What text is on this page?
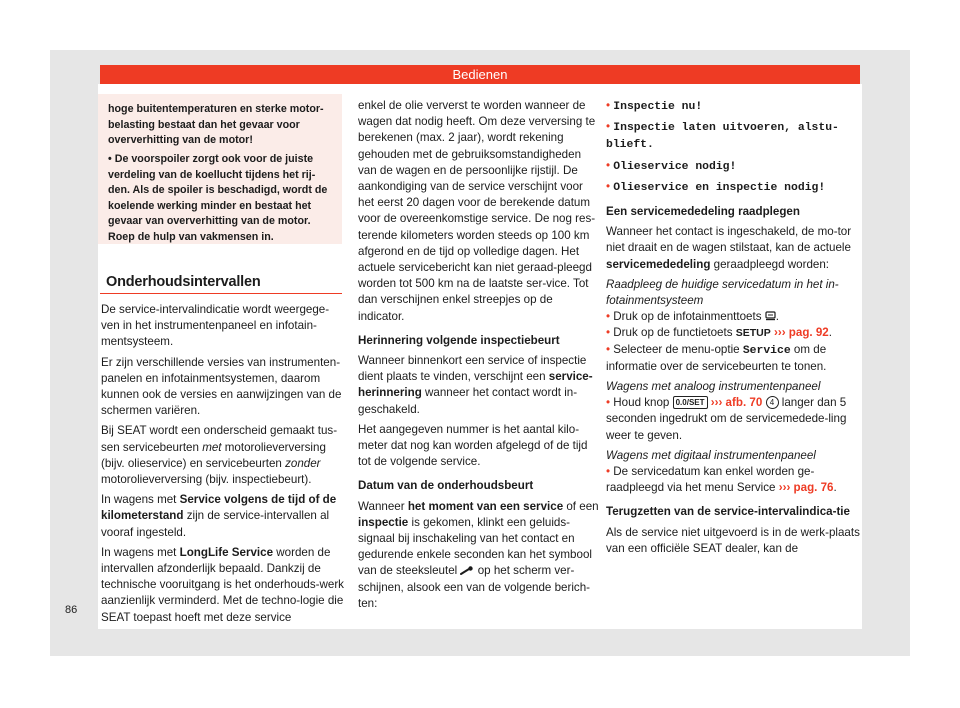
Bedienen

hoge buitentemperaturen en sterke motor-

belasting bestaat dan het gevaar voor

oververhitting van de motor!

• De voorspoiler zorgt ook voor de juiste

verdeling van de koellucht tijdens het rij-

den. Als de spoiler is beschadigd, wordt de

koelende werking minder en bestaat het

gevaar van oververhitting van de motor.

Roep de hulp van vakmensen in.

Onderhoudsintervallen

De service-intervalindicatie wordt weergege-ven in het instrumentenpaneel en infotain-mentsysteem.

Er zijn verschillende versies van instrumenten-panelen en infotainmentsystemen, daarom kunnen ook de versies en aanwijzingen van de schermen variëren.

Bij SEAT wordt een onderscheid gemaakt tus-sen servicebeurten met motorolieverversing (bijv. olieservice) en servicebeurten zonder motorolieverversing (bijv. inspectiebeurt).

In wagens met Service volgens de tijd of de kilometerstand zijn de service-intervallen al vooraf ingesteld.

In wagens met LongLife Service worden de intervallen afzonderlijk bepaald. Dankzij de technische vooruitgang is het onderhouds-werk aanzienlijk verminderd. Met de techno-logie die SEAT toepast hoeft met deze service

enkel de olie ververst te worden wanneer de wagen dat nodig heeft. Om deze verversing te berekenen (max. 2 jaar), wordt rekening gehouden met de gebruiksomstandigheden van de wagen en de persoonlijke rijstijl. De aankondiging van de service verschijnt voor het eerst 20 dagen voor de berekende datum voor de overeenkomstige service. De nog res-terende kilometers worden steeds op 100 km afgerond en de tijd op volledige dagen. Het actuele servicebericht kan niet geraad-pleegd worden tot 500 km na de laatste ser-vice. Tot dan verschijnen enkel streepjes op de indicator.

Herinnering volgende inspectiebeurt

Wanneer binnenkort een service of inspectie dient plaats te vinden, verschijnt een service-herinnering wanneer het contact wordt in-geschakeld.

Het aangegeven nummer is het aantal kilo-meter dat nog kan worden afgelegd of de tijd tot de volgende service.

Datum van de onderhoudsbeurt

Wanneer het moment van een service of een inspectie is gekomen, klinkt een geluids-signaal bij inschakeling van het contact en gedurende enkele seconden kan het symbool van de steeksleutel  op het scherm ver-schijnen, alsook een van de volgende berich-ten:

• Inspectie nu!

• Inspectie laten uitvoeren, alstu-blieft.

• Olieservice nodig!

• Olieservice en inspectie nodig!

Een servicemededeling raadplegen

Wanneer het contact is ingeschakeld, de mo-tor niet draait en de wagen stilstaat, kan de actuele servicemededeling geraadpleegd worden:

Raadpleeg de huidige servicedatum in het in-fotainmentsysteem

• Druk op de infotainmenttoets .

• Druk op de functietoets SETUP ››› pag. 92.

• Selecteer de menu-optie Service om de informatie over de servicebeurten te tonen.

Wagens met analoog instrumentenpaneel

• Houd knop 0.0/SET ››› afb. 70 4 langer dan 5 seconden ingedrukt om de servicemedede-ling weer te geven.

Wagens met digitaal instrumentenpaneel

• De servicedatum kan enkel worden ge-raadpleegd via het menu Service ››› pag. 76.

Terugzetten van de service-intervalindica-tie

Als de service niet uitgevoerd is in de werk-plaats van een officiële SEAT dealer, kan de

86
